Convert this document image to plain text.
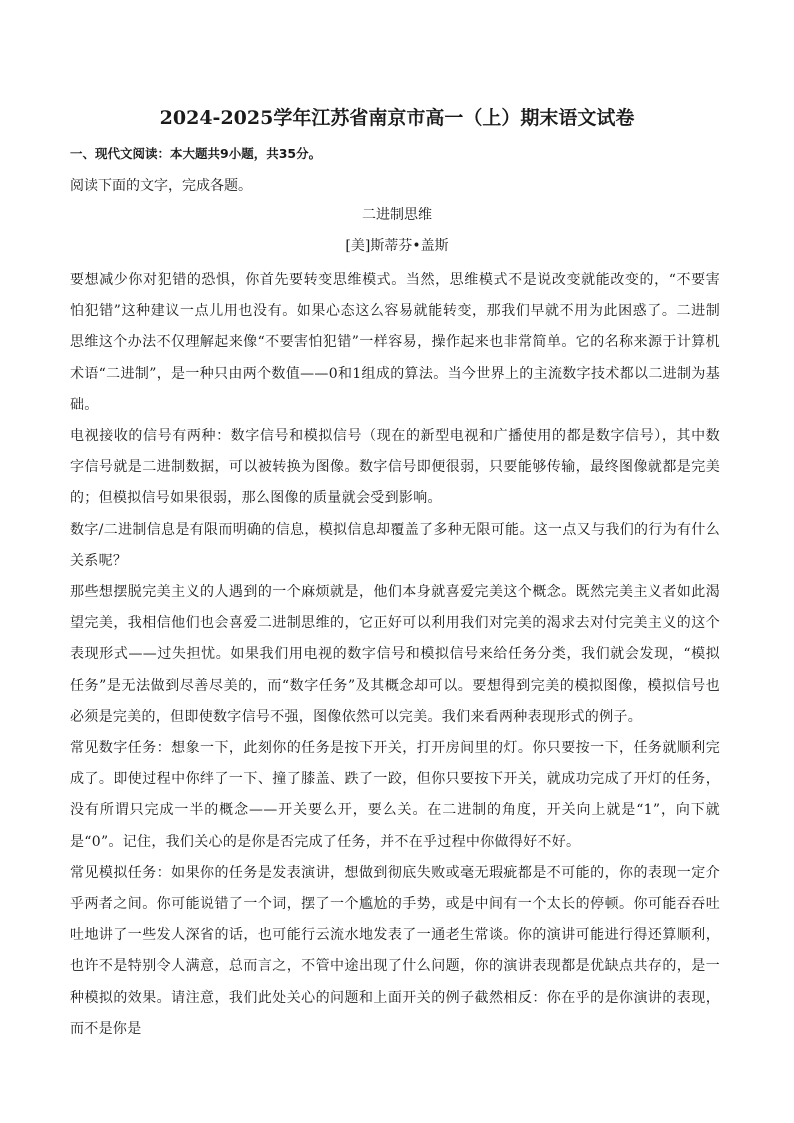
2024-2025学年江苏省南京市高一（上）期末语文试卷
一、现代文阅读：本大题共9小题，共35分。
阅读下面的文字，完成各题。
二进制思维
[美]斯蒂芬•盖斯

要想减少你对犯错的恐惧，你首先要转变思维模式。当然，思维模式不是说改变就能改变的，“不要害怕犯错”这种建议一点儿用也没有。如果心态这么容易就能转变，那我们早就不用为此困惑了。二进制思维这个办法不仅理解起来像“不要害怕犯错”一样容易，操作起来也非常简单。它的名称来源于计算机术语“二进制”，是一种只由两个数值——0和1组成的算法。当今世界上的主流数字技术都以二进制为基础。

电视接收的信号有两种：数字信号和模拟信号（现在的新型电视和广播使用的都是数字信号），其中数字信号就是二进制数据，可以被转换为图像。数字信号即便很弱，只要能够传输，最终图像就都是完美的；但模拟信号如果很弱，那么图像的质量就会受到影响。

数字/二进制信息是有限而明确的信息，模拟信息却覆盖了多种无限可能。这一点又与我们的行为有什么关系呢？

那些想摆脱完美主义的人遇到的一个麻烦就是，他们本身就喜爱完美这个概念。既然完美主义者如此渴望完美，我相信他们也会喜爱二进制思维的，它正好可以利用我们对完美的渴求去对付完美主义的这个表现形式——过失担忧。如果我们用电视的数字信号和模拟信号来给任务分类，我们就会发现，“模拟任务”是无法做到尽善尽美的，而“数字任务”及其概念却可以。要想得到完美的模拟图像，模拟信号也必须是完美的，但即使数字信号不强，图像依然可以完美。我们来看两种表现形式的例子。

常见数字任务：想象一下，此刻你的任务是按下开关，打开房间里的灯。你只要按一下，任务就顺利完成了。即使过程中你绊了一下、撞了膝盖、跌了一跤，但你只要按下开关，就成功完成了开灯的任务，没有所谓只完成一半的概念——开关要么开，要么关。在二进制的角度，开关向上就是“1”，向下就是“0”。记住，我们关心的是你是否完成了任务，并不在乎过程中你做得好不好。

常见模拟任务：如果你的任务是发表演讲，想做到彻底失败或毫无瑕疵都是不可能的，你的表现一定介乎两者之间。你可能说错了一个词，摆了一个尴尬的手势，或是中间有一个太长的停顿。你可能吞吞吐吐地讲了一些发人深省的话，也可能行云流水地发表了一通老生常谈。你的演讲可能进行得还算顺利，也许不是特别令人满意，总而言之，不管中途出现了什么问题，你的演讲表现都是优缺点共存的，是一种模拟的效果。请注意，我们此处关心的问题和上面开关的例子截然相反：你在乎的是你演讲的表现，而不是你是
